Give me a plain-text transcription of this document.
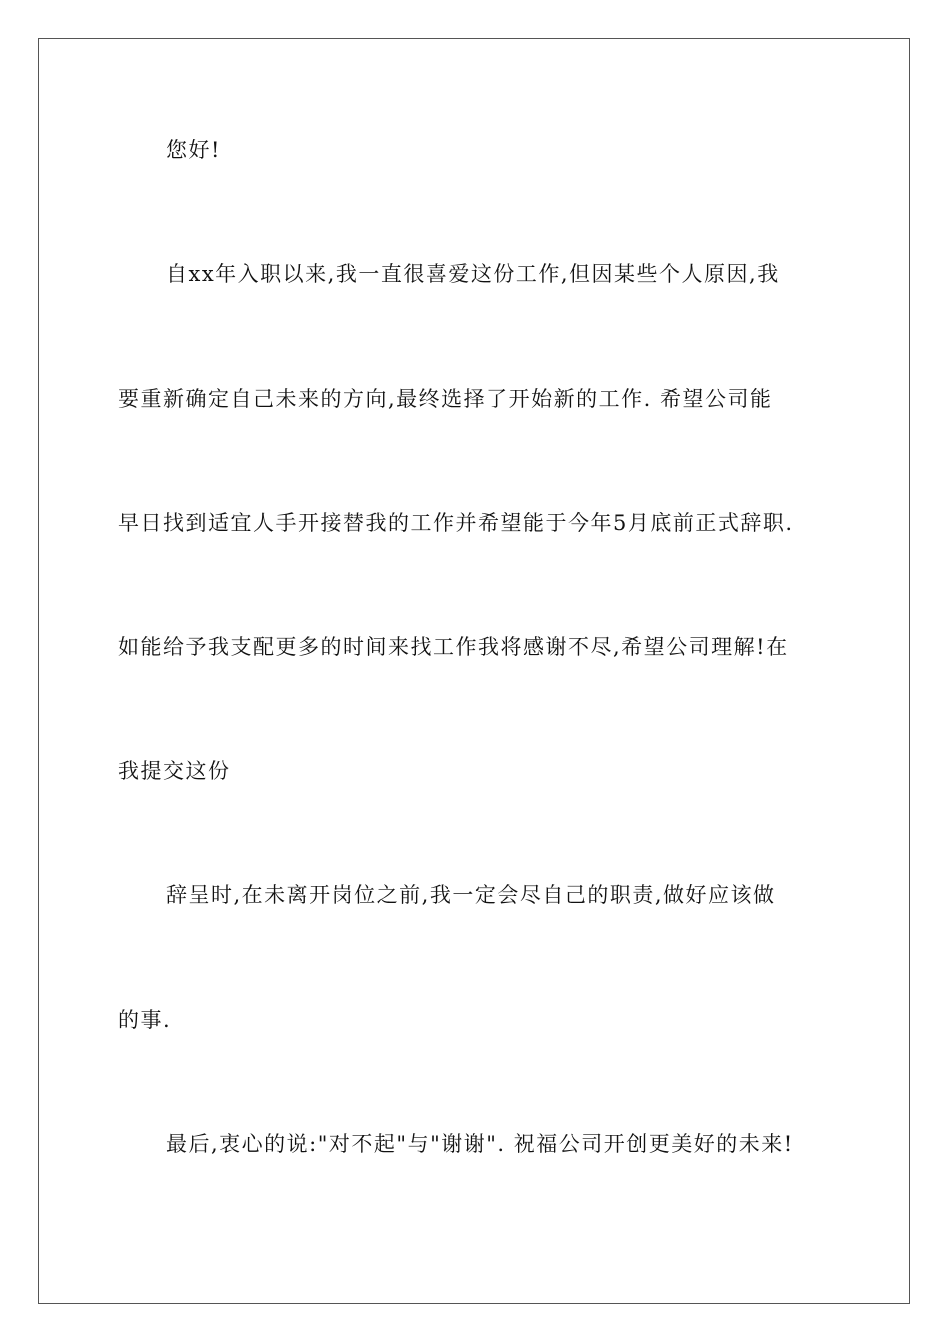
您好!
自xx年入职以来,我一直很喜爱这份工作,但因某些个人原因,我
要重新确定自己未来的方向,最终选择了开始新的工作. 希望公司能
早日找到适宜人手开接替我的工作并希望能于今年5月底前正式辞职.
如能给予我支配更多的时间来找工作我将感谢不尽,希望公司理解!在
我提交这份
辞呈时,在未离开岗位之前,我一定会尽自己的职责,做好应该做
的事.
最后,衷心的说:"对不起"与"谢谢". 祝福公司开创更美好的未来!
